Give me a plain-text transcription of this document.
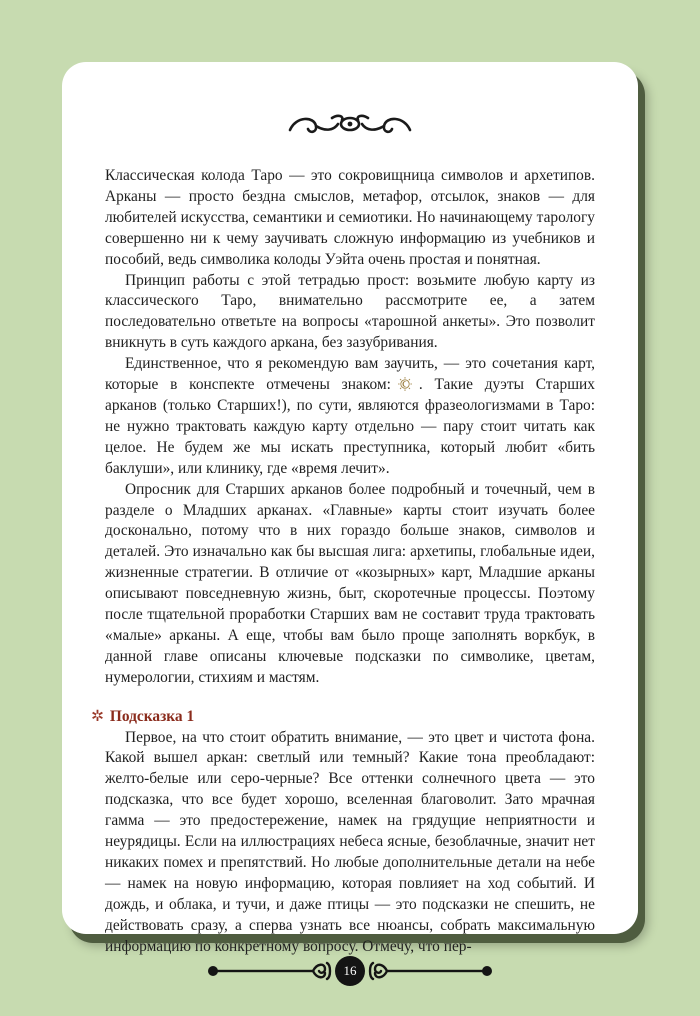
Классическая колода Таро — это сокровищница символов и архетипов. Арканы — просто бездна смыслов, метафор, отсылок, знаков — для любителей искусства, семантики и семиотики. Но начинающему тарологу совершенно ни к чему заучивать сложную информацию из учебников и пособий, ведь символика колоды Уэйта очень простая и понятная.

Принцип работы с этой тетрадью прост: возьмите любую карту из классического Таро, внимательно рассмотрите ее, а затем последовательно ответьте на вопросы «тарошной анкеты». Это позволит вникнуть в суть каждого аркана, без зазубривания.

Единственное, что я рекомендую вам заучить, — это сочетания карт, которые в конспекте отмечены знаком: . Такие дуэты Старших арканов (только Старших!), по сути, являются фразеологизмами в Таро: не нужно трактовать каждую карту отдельно — пару стоит читать как целое. Не будем же мы искать преступника, который любит «бить баклуши», или клинику, где «время лечит».

Опросник для Старших арканов более подробный и точечный, чем в разделе о Младших арканах. «Главные» карты стоит изучать более досконально, потому что в них гораздо больше знаков, символов и деталей. Это изначально как бы высшая лига: архетипы, глобальные идеи, жизненные стратегии. В отличие от «козырных» карт, Младшие арканы описывают повседневную жизнь, быт, скоротечные процессы. Поэтому после тщательной проработки Старших вам не составит труда трактовать «малые» арканы. А еще, чтобы вам было проще заполнять воркбук, в данной главе описаны ключевые подсказки по символике, цветам, нумерологии, стихиям и мастям.

✲ Подсказка 1

Первое, на что стоит обратить внимание, — это цвет и чистота фона. Какой вышел аркан: светлый или темный? Какие тона преобладают: желто-белые или серо-черные? Все оттенки солнечного цвета — это подсказка, что все будет хорошо, вселенная благоволит. Зато мрачная гамма — это предостережение, намек на грядущие неприятности и неурядицы. Если на иллюстрациях небеса ясные, безоблачные, значит нет никаких помех и препятствий. Но любые дополнительные детали на небе — намек на новую информацию, которая повлияет на ход событий. И дождь, и облака, и тучи, и даже птицы — это подсказки не спешить, не действовать сразу, а сперва узнать все нюансы, собрать максимальную информацию по конкретному вопросу. Отмечу, что пер-

16
